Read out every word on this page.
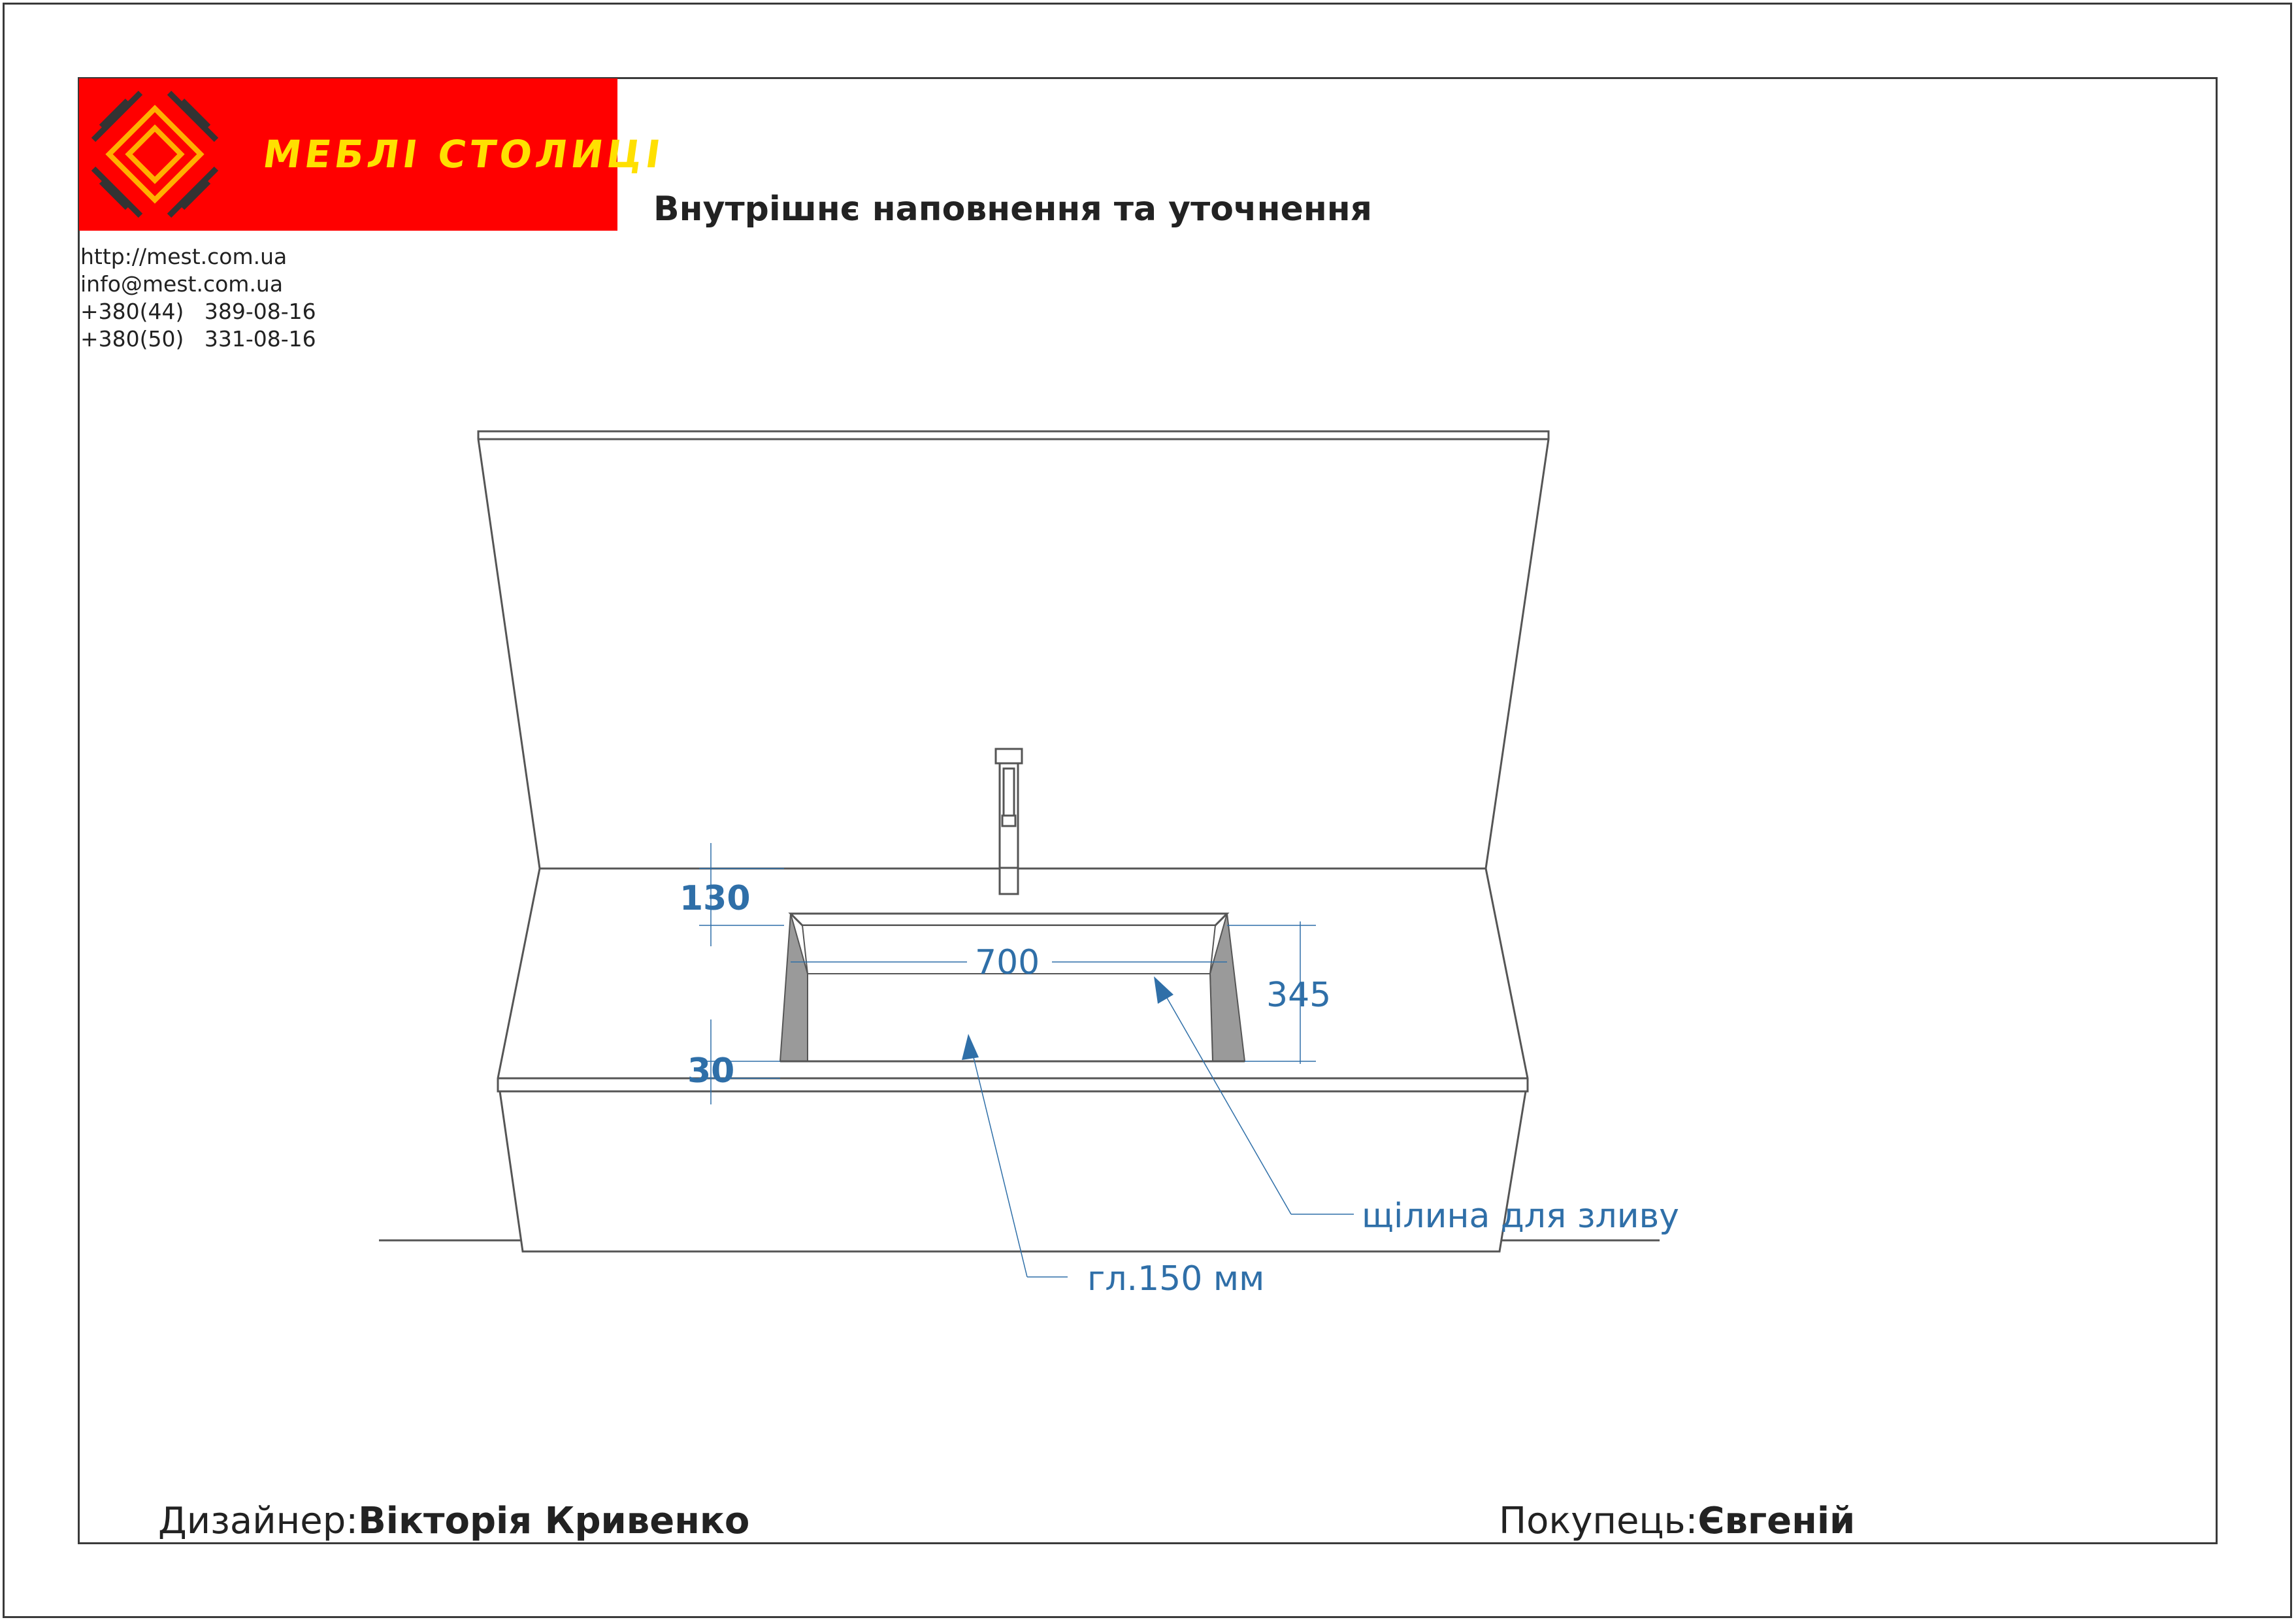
МЕБЛІ СТОЛИЦІ
Внутрішнє наповнення та уточнення
http://mest.com.ua
info@mest.com.ua
+380(44)   389-08-16
+380(50)   331-08-16
130
30
700
345
щілина для зливу
гл.150 мм
Дизайнер:Вікторія Кривенко	Покупець:Євгеній
